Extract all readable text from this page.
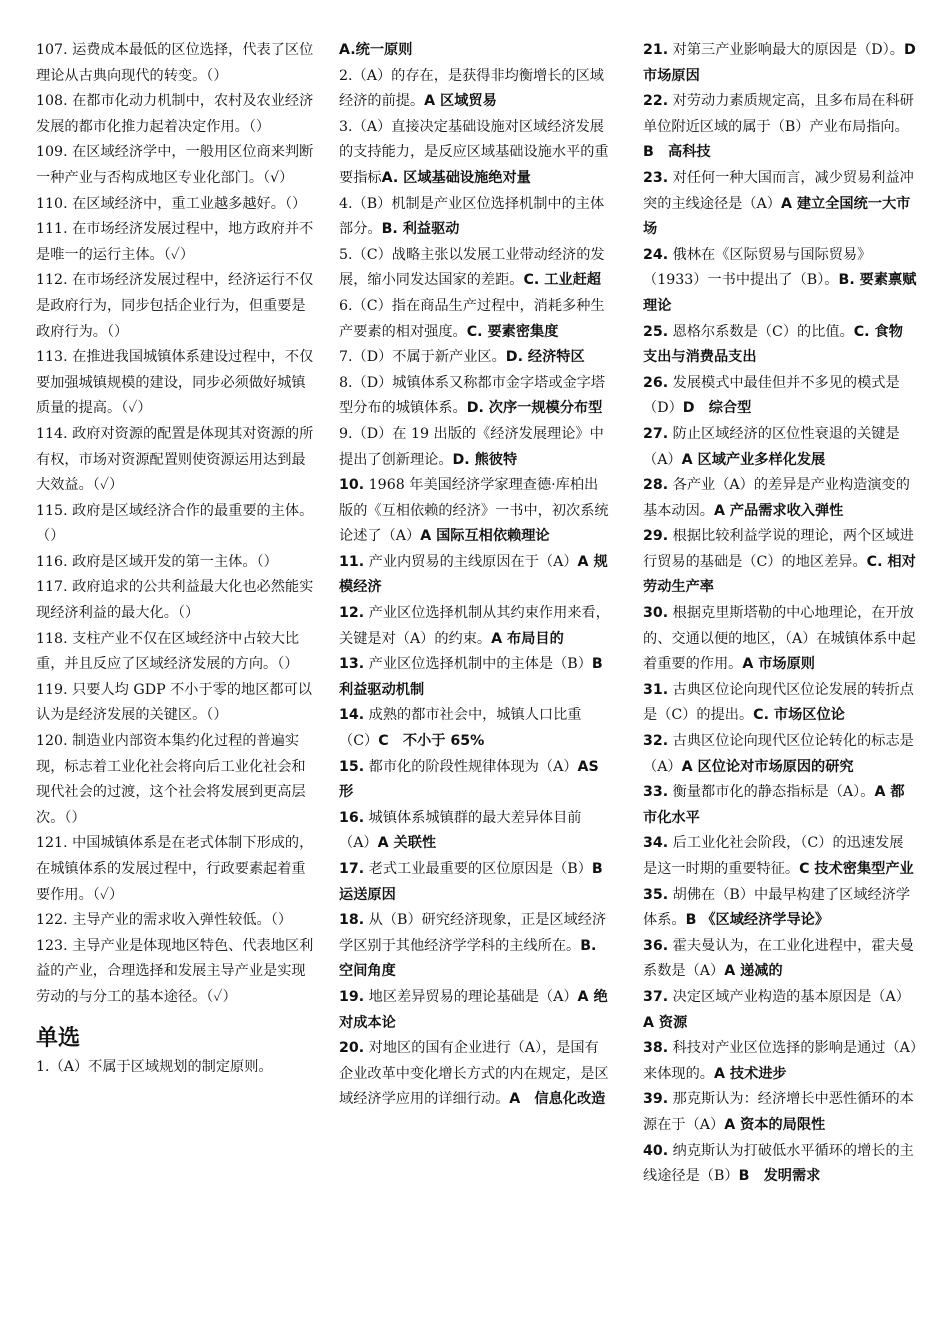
107. 运费成本最低的区位选择，代表了区位理论从古典向现代的转变。（）

108. 在都市化动力机制中，农村及农业经济发展的都市化推力起着决定作用。（）

109. 在区域经济学中，一般用区位商来判断一种产业与否构成地区专业化部门。（√）

110. 在区域经济中，重工业越多越好。（）

111. 在市场经济发展过程中，地方政府并不是唯一的运行主体。（✓）

112. 在市场经济发展过程中，经济运行不仅是政府行为，同步包括企业行为，但重要是政府行为。（）

113. 在推进我国城镇体系建设过程中，不仅要加强城镇规模的建设，同步必须做好城镇质量的提高。（✓）

114. 政府对资源的配置是体现其对资源的所有权，市场对资源配置则使资源运用达到最大效益。（✓）

115. 政府是区域经济合作的最重要的主体。（）

116. 政府是区域开发的第一主体。（）

117. 政府追求的公共利益最大化也必然能实现经济利益的最大化。（）

118. 支柱产业不仅在区域经济中占较大比重，并且反应了区域经济发展的方向。（）

119. 只要人均 GDP 不小于零的地区都可以认为是经济发展的关键区。（）

120. 制造业内部资本集约化过程的普遍实现，标志着工业化社会将向后工业化社会和现代社会的过渡，这个社会将发展到更高层次。（）

121. 中国城镇体系是在老式体制下形成的，在城镇体系的发展过程中，行政要素起着重要作用。（✓）

122. 主导产业的需求收入弹性较低。（）

123. 主导产业是体现地区特色、代表地区利益的产业，合理选择和发展主导产业是实现劳动的与分工的基本途径。（✓）

单选

1.（A）不属于区域规划的制定原则。

A.统一原则

2.（A）的存在，是获得非均衡增长的区域经济的前提。A 区域贸易

3.（A）直接决定基础设施对区域经济发展的支持能力，是反应区域基础设施水平的重要指标A. 区域基础设施绝对量

4.（B）机制是产业区位选择机制中的主体部分。B. 利益驱动

5.（C）战略主张以发展工业带动经济的发展，缩小同发达国家的差距。C. 工业赶超

6.（C）指在商品生产过程中，消耗多种生产要素的相对强度。C. 要素密集度

7.（D）不属于新产业区。D. 经济特区

8.（D）城镇体系又称都市金字塔或金字塔型分布的城镇体系。D. 次序一规模分布型

9.（D）在 19 出版的《经济发展理论》中提出了创新理论。D. 熊彼特

10. 1968 年美国经济学家理查德·库柏出版的《互相依赖的经济》一书中，初次系统论述了（A）A 国际互相依赖理论

11. 产业内贸易的主线原因在于（A）A 规模经济

12. 产业区位选择机制从其约束作用来看，关键是对（A）的约束。A 布局目的

13. 产业区位选择机制中的主体是（B）B　利益驱动机制

14. 成熟的都市社会中，城镇人口比重（C）C　不小于 65%

15. 都市化的阶段性规律体现为（A）AS 形

16. 城镇体系城镇群的最大差异体目前（A）A 关联性

17. 老式工业最重要的区位原因是（B）B　运送原因

18. 从（B）研究经济现象，正是区域经济学区别于其他经济学学科的主线所在。B. 空间角度

19. 地区差异贸易的理论基础是（A）A 绝对成本论

20. 对地区的国有企业进行（A），是国有企业改革中变化增长方式的内在规定，是区域经济学应用的详细行动。A　信息化改造

21. 对第三产业影响最大的原因是（D）。D 市场原因

22. 对劳动力素质规定高，且多布局在科研单位附近区域的属于（B）产业布局指向。B　高科技

23. 对任何一种大国而言，减少贸易利益冲突的主线途径是（A）A 建立全国统一大市场

24. 俄林在《区际贸易与国际贸易》（1933）一书中提出了（B）。B. 要素禀赋理论

25. 恩格尔系数是（C）的比值。C. 食物支出与消费品支出

26. 发展模式中最佳但并不多见的模式是（D）D　综合型

27. 防止区域经济的区位性衰退的关键是（A）A 区域产业多样化发展

28. 各产业（A）的差异是产业构造演变的基本动因。A 产品需求收入弹性

29. 根据比较利益学说的理论，两个区域进行贸易的基础是（C）的地区差异。C. 相对劳动生产率

30. 根据克里斯塔勒的中心地理论，在开放的、交通以便的地区，（A）在城镇体系中起着重要的作用。A 市场原则

31. 古典区位论向现代区位论发展的转折点是（C）的提出。C. 市场区位论

32. 古典区位论向现代区位论转化的标志是（A）A 区位论对市场原因的研究

33. 衡量都市化的静态指标是（A）。A 都市化水平

34. 后工业化社会阶段，（C）的迅速发展是这一时期的重要特征。C 技术密集型产业

35. 胡佛在（B）中最早构建了区域经济学体系。B 《区域经济学导论》

36. 霍夫曼认为，在工业化进程中，霍夫曼系数是（A）A 递减的

37. 决定区域产业构造的基本原因是（A）A 资源

38. 科技对产业区位选择的影响是通过（A）来体现的。A 技术进步

39. 那克斯认为：经济增长中恶性循环的本源在于（A）A 资本的局限性

40. 纳克斯认为打破低水平循环的增长的主线途径是（B）B　发明需求
